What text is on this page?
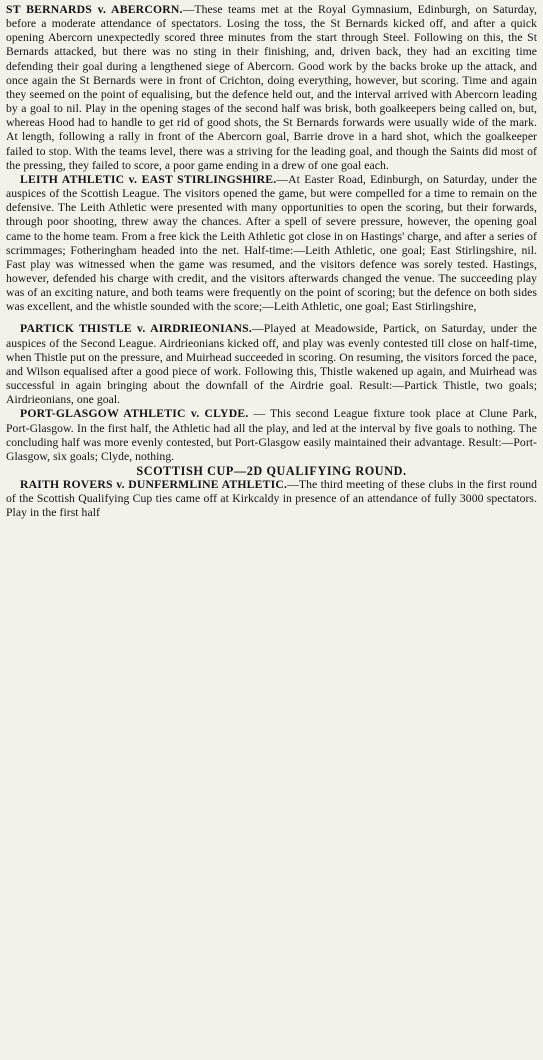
ST BERNARDS v. ABERCORN.—These teams met at the Royal Gymnasium, Edinburgh, on Saturday, before a moderate attendance of spectators. Losing the toss, the St Bernards kicked off, and after a quick opening Abercorn unexpectedly scored three minutes from the start through Steel. Following on this, the St Bernards attacked, but there was no sting in their finishing, and, driven back, they had an exciting time defending their goal during a lengthened siege of Abercorn. Good work by the backs broke up the attack, and once again the St Bernards were in front of Crichton, doing everything, however, but scoring. Time and again they seemed on the point of equalising, but the defence held out, and the interval arrived with Abercorn leading by a goal to nil. Play in the opening stages of the second half was brisk, both goalkeepers being called on, but, whereas Hood had to handle to get rid of good shots, the St Bernards forwards were usually wide of the mark. At length, following a rally in front of the Abercorn goal, Barrie drove in a hard shot, which the goalkeeper failed to stop. With the teams level, there was a striving for the leading goal, and though the Saints did most of the pressing, they failed to score, a poor game ending in a drew of one goal each.

LEITH ATHLETIC v. EAST STIRLINGSHIRE.—At Easter Road, Edinburgh, on Saturday, under the auspices of the Scottish League. The visitors opened the game, but were compelled for a time to remain on the defensive. The Leith Athletic were presented with many opportunities to open the scoring, but their forwards, through poor shooting, threw away the chances. After a spell of severe pressure, however, the opening goal came to the home team. From a free kick the Leith Athletic got close in on Hastings' charge, and after a series of scrimmages; Fotheringham headed into the net. Half-time:—Leith Athletic, one goal; East Stirlingshire, nil. Fast play was witnessed when the game was resumed, and the visitors defence was sorely tested. Hastings, however, defended his charge with credit, and the visitors afterwards changed the venue. The succeeding play was of an exciting nature, and both teams were frequently on the point of scoring; but the defence on both sides was excellent, and the whistle sounded with the score;—Leith Athletic, one goal; East Stirlingshire,

PARTICK THISTLE v. AIRDRIEONIANS.—Played at Meadowside, Partick, on Saturday, under the auspices of the Second League. Airdrieonians kicked off, and play was evenly contested till close on half-time, when Thistle put on the pressure, and Muirhead succeeded in scoring. On resuming, the visitors forced the pace, and Wilson equalised after a good piece of work. Following this, Thistle wakened up again, and Muirhead was successful in again bringing about the downfall of the Airdrie goal. Result:—Partick Thistle, two goals; Airdrieonians, one goal.

PORT-GLASGOW ATHLETIC v. CLYDE. — This second League fixture took place at Clune Park, Port-Glasgow. In the first half, the Athletic had all the play, and led at the interval by five goals to nothing. The concluding half was more evenly contested, but Port-Glasgow easily maintained their advantage. Result:—Port-Glasgow, six goals; Clyde, nothing.

SCOTTISH CUP—2D QUALIFYING ROUND.

RAITH ROVERS v. DUNFERMLINE ATHLETIC.—The third meeting of these clubs in the first round of the Scottish Qualifying Cup ties came off at Kirkcaldy in presence of an attendance of fully 3000 spectators. Play in the first half
